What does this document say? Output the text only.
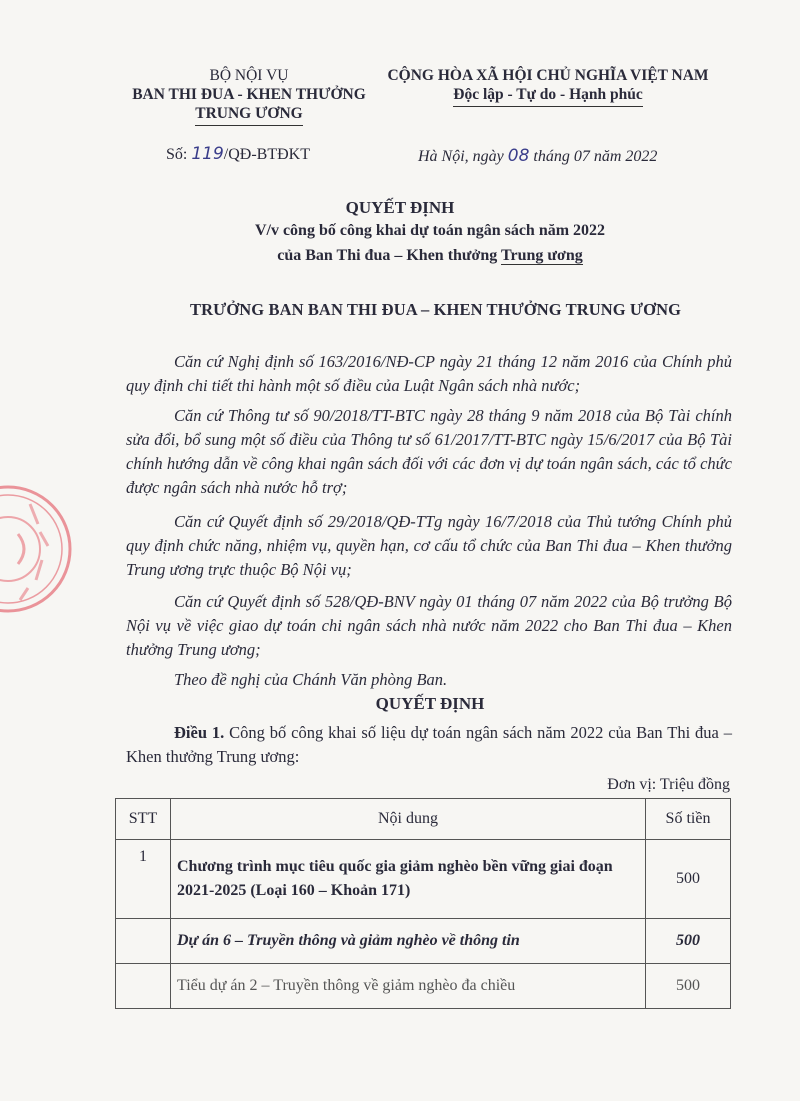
BỘ NỘI VỤ
BAN THI ĐUA - KHEN THƯỞNG
TRUNG ƯƠNG
CỘNG HÒA XÃ HỘI CHỦ NGHĨA VIỆT NAM
Độc lập - Tự do - Hạnh phúc
Số: 119/QĐ-BTĐKT	Hà Nội, ngày 08 tháng 07 năm 2022
QUYẾT ĐỊNH
V/v công bố công khai dự toán ngân sách năm 2022
của Ban Thi đua – Khen thưởng Trung ương
TRƯỞNG BAN BAN THI ĐUA – KHEN THƯỞNG TRUNG ƯƠNG
Căn cứ Nghị định số 163/2016/NĐ-CP ngày 21 tháng 12 năm 2016 của Chính phủ quy định chi tiết thi hành một số điều của Luật Ngân sách nhà nước;
Căn cứ Thông tư số 90/2018/TT-BTC ngày 28 tháng 9 năm 2018 của Bộ Tài chính sửa đổi, bổ sung một số điều của Thông tư số 61/2017/TT-BTC ngày 15/6/2017 của Bộ Tài chính hướng dẫn về công khai ngân sách đối với các đơn vị dự toán ngân sách, các tổ chức được ngân sách nhà nước hỗ trợ;
Căn cứ Quyết định số 29/2018/QĐ-TTg ngày 16/7/2018 của Thủ tướng Chính phủ quy định chức năng, nhiệm vụ, quyền hạn, cơ cấu tổ chức của Ban Thi đua – Khen thưởng Trung ương trực thuộc Bộ Nội vụ;
Căn cứ Quyết định số 528/QĐ-BNV ngày 01 tháng 07 năm 2022 của Bộ trưởng Bộ Nội vụ về việc giao dự toán chi ngân sách nhà nước năm 2022 cho Ban Thi đua – Khen thưởng Trung ương;
Theo đề nghị của Chánh Văn phòng Ban.
QUYẾT ĐỊNH
Điều 1. Công bố công khai số liệu dự toán ngân sách năm 2022 của Ban Thi đua – Khen thưởng Trung ương:
Đơn vị: Triệu đồng
STT	Nội dung	Số tiền
1	Chương trình mục tiêu quốc gia giảm nghèo bền vững giai đoạn 2021-2025 (Loại 160 – Khoản 171)	500
	Dự án 6 – Truyền thông và giảm nghèo về thông tin	500
	Tiểu dự án 2 – Truyền thông về giảm nghèo đa chiều	500
